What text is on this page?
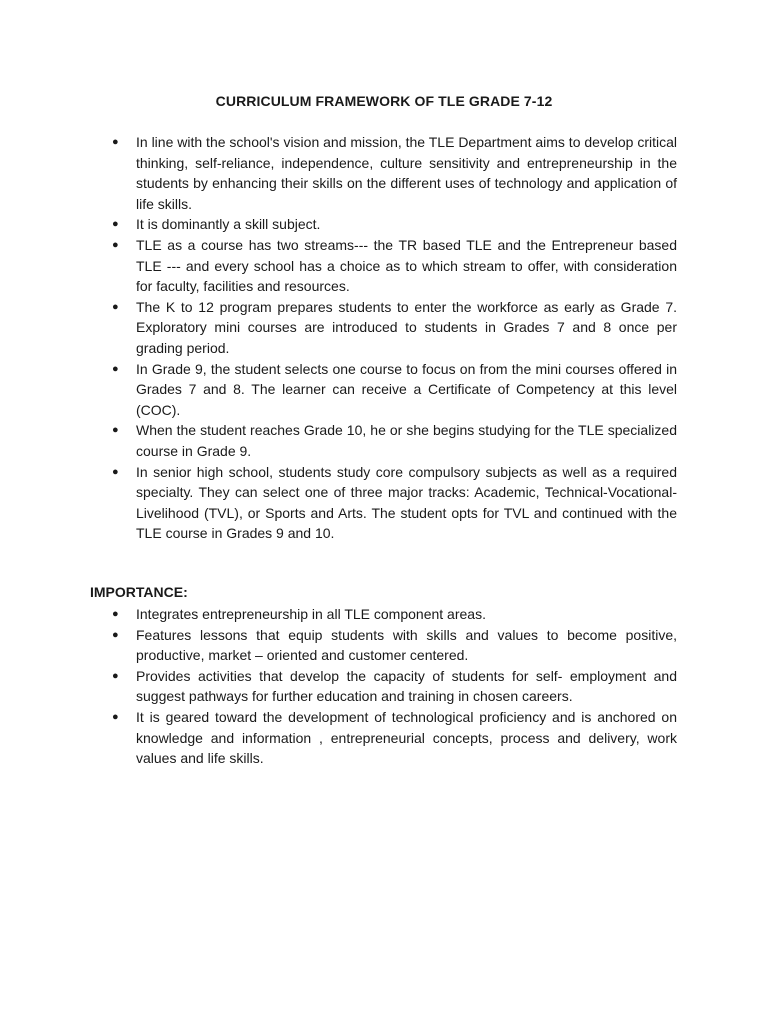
CURRICULUM FRAMEWORK OF TLE GRADE 7-12
● In line with the school's vision and mission, the TLE Department aims to develop critical thinking, self-reliance, independence, culture sensitivity and entrepreneurship in the students by enhancing their skills on the different uses of technology and application of life skills.
● It is dominantly a skill subject.
● TLE as a course has two streams--- the TR based TLE and the Entrepreneur based TLE --- and every school has a choice as to which stream to offer, with consideration for faculty, facilities and resources.
● The K to 12 program prepares students to enter the workforce as early as Grade 7. Exploratory mini courses are introduced to students in Grades 7 and 8 once per grading period.
● In Grade 9, the student selects one course to focus on from the mini courses offered in Grades 7 and 8. The learner can receive a Certificate of Competency at this level (COC).
● When the student reaches Grade 10, he or she begins studying for the TLE specialized course in Grade 9.
● In senior high school, students study core compulsory subjects as well as a required specialty. They can select one of three major tracks: Academic, Technical-Vocational-Livelihood (TVL), or Sports and Arts. The student opts for TVL and continued with the TLE course in Grades 9 and 10.
IMPORTANCE:
● Integrates entrepreneurship in all TLE component areas.
● Features lessons that equip students with skills and values to become positive, productive, market – oriented and customer centered.
● Provides activities that develop the capacity of students for self- employment and suggest pathways for further education and training in chosen careers.
● It is geared toward the development of technological proficiency and is anchored on knowledge and information , entrepreneurial concepts, process and delivery, work values and life skills.
